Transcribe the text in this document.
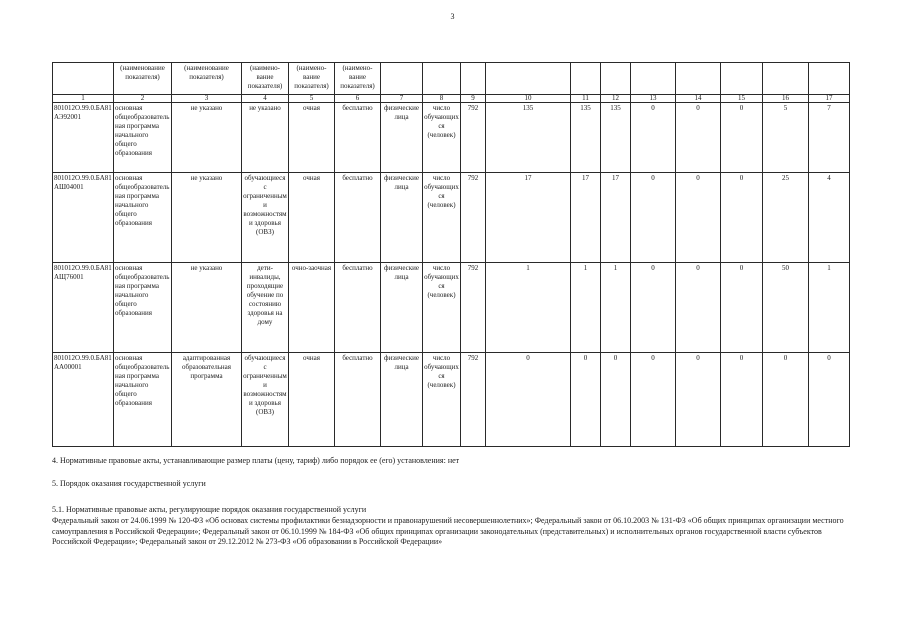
3
	(наименование показателя)	(наименование показателя)	(наимено-вание показателя)	(наимено-вание показателя)	(наимено-вание показателя)											
1	2	3	4	5	6	7	8	9	10	11	12	13	14	15	16	17
801012О.99.0.БА81АЭ92001	основная общеобразовательная программа начального общего образования	не указано	не указано	очная	бесплатно	физические лица	число обучающихся (человек)	792	135	135	135	0	0	0	5	7
801012О.99.0.БА81АШ04001	основная общеобразовательная программа начального общего образования	не указано	обучающиеся с ограниченными возможностями здоровья (ОВЗ)	очная	бесплатно	физические лица	число обучающихся (человек)	792	17	17	17	0	0	0	25	4
801012О.99.0.БА81АЩ76001	основная общеобразовательная программа начального общего образования	не указано	дети-инвалиды, проходящие обучение по состоянию здоровья на дому	очно-заочная	бесплатно	физические лица	число обучающихся (человек)	792	1	1	1	0	0	0	50	1
801012О.99.0.БА81АА00001	основная общеобразовательная программа начального общего образования	адаптированная образовательная программа	обучающиеся с ограниченными возможностями здоровья (ОВЗ)	очная	бесплатно	физические лица	число обучающихся (человек)	792	0	0	0	0	0	0	0	0
4. Нормативные правовые акты, устанавливающие размер платы (цену, тариф) либо порядок ее (его) установления: нет
5. Порядок оказания государственной услуги
5.1. Нормативные правовые акты, регулирующие порядок оказания государственной услуги
Федеральный закон от 24.06.1999 № 120-ФЗ «Об основах системы профилактики безнадзорности и правонарушений несовершеннолетних»; Федеральный закон от 06.10.2003 № 131-ФЗ «Об общих принципах организации местного самоуправления в Российской Федерации»; Федеральный закон от 06.10.1999 № 184-ФЗ «Об общих принципах организации законодательных (представительных) и исполнительных органов государственной власти субъектов Российской Федерации»; Федеральный закон от 29.12.2012 № 273-ФЗ «Об образовании в Российской Федерации»
